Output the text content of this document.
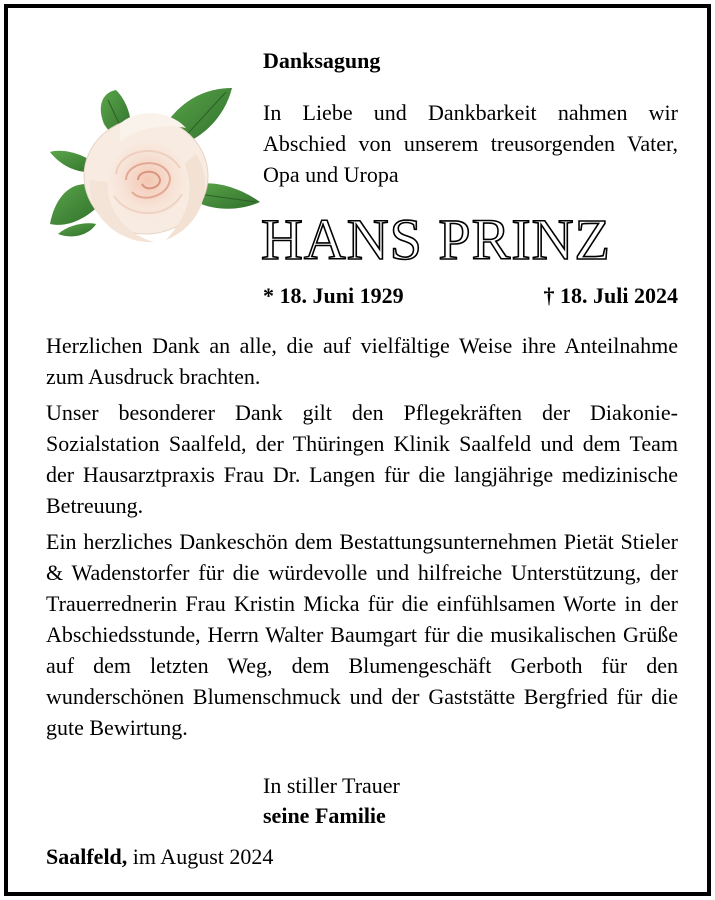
Danksagung
In Liebe und Dankbarkeit nahmen wir Abschied von unserem treusorgenden Vater, Opa und Uropa
HANS PRINZ
* 18. Juni 1929	† 18. Juli 2024

Herzlichen Dank an alle, die auf vielfältige Weise ihre Anteilnahme zum Ausdruck brachten.

Unser besonderer Dank gilt den Pflegekräften der Diakonie-Sozialstation Saalfeld, der Thüringen Klinik Saalfeld und dem Team der Hausarztpraxis Frau Dr. Langen für die langjährige medizinische Betreuung.

Ein herzliches Dankeschön dem Bestattungsunternehmen Pietät Stieler & Wadenstorfer für die würdevolle und hilfreiche Unterstützung, der Trauerrednerin Frau Kristin Micka für die einfühlsamen Worte in der Abschiedsstunde, Herrn Walter Baumgart für die musikalischen Grüße auf dem letzten Weg, dem Blumengeschäft Gerboth für den wunderschönen Blumenschmuck und der Gaststätte Bergfried für die gute Bewirtung.

In stiller Trauer
seine Familie
Saalfeld, im August 2024
